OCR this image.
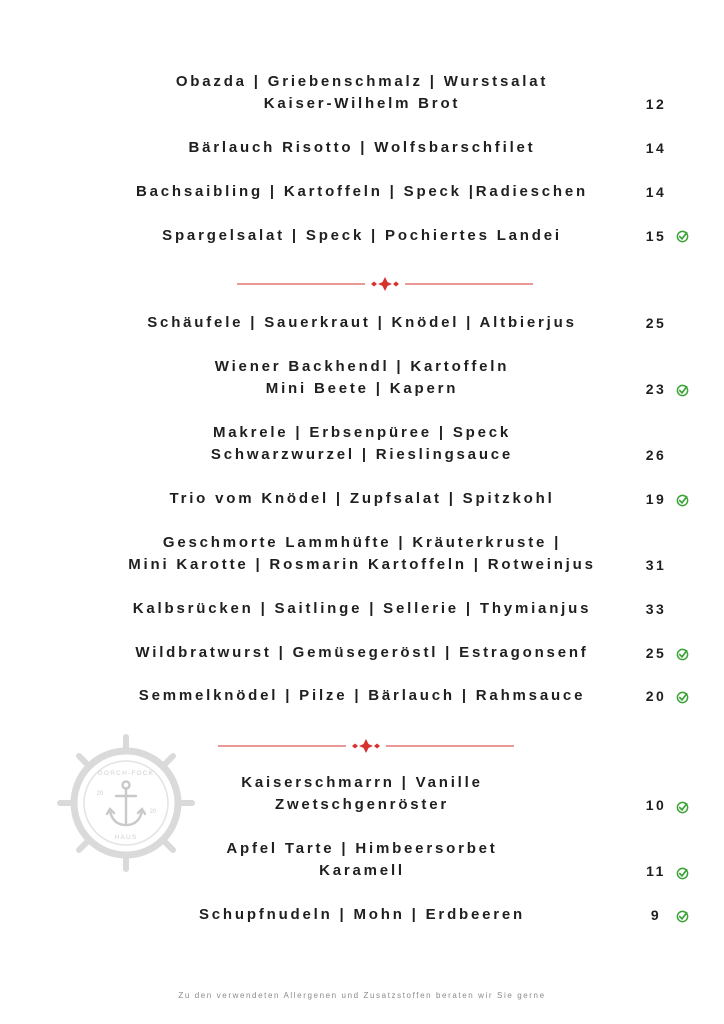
GORCH-FOCK
HAUS
20
20
Obazda | Griebenschmalz | Wurstsalat
Kaiser-Wilhelm Brot	12
Bärlauch Risotto | Wolfsbarschfilet	14
Bachsaibling | Kartoffeln | Speck |Radieschen	14
Spargelsalat | Speck | Pochiertes Landei	15
Schäufele | Sauerkraut | Knödel | Altbierjus	25
Wiener Backhendl | Kartoffeln
Mini Beete | Kapern	23
Makrele | Erbsenpüree | Speck
Schwarzwurzel | Rieslingsauce	26
Trio vom Knödel | Zupfsalat | Spitzkohl	19
Geschmorte Lammhüfte | Kräuterkruste |
Mini Karotte | Rosmarin Kartoffeln | Rotweinjus	31
Kalbsrücken | Saitlinge | Sellerie | Thymianjus	33
Wildbratwurst | Gemüsegeröstl | Estragonsenf	25
Semmelknödel | Pilze | Bärlauch | Rahmsauce	20
Kaiserschmarrn | Vanille
Zwetschgenröster	10
Apfel Tarte | Himbeersorbet
Karamell	11
Schupfnudeln | Mohn | Erdbeeren	9
Zu den verwendeten Allergenen und Zusatzstoffen beraten wir Sie gerne
